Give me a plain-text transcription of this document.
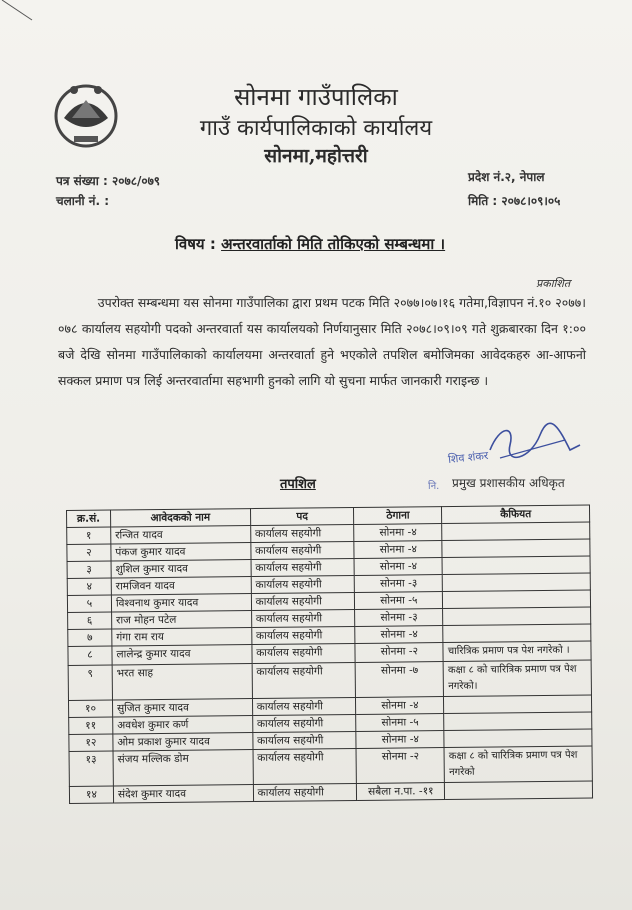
सोनमा गाउँपालिका
गाउँ कार्यपालिकाको कार्यालय
सोनमा,महोत्तरी
पत्र संख्या : २०७८/०७९
चलानी नं. :
प्रदेश नं.२, नेपाल
मिति : २०७८।०९।०५
विषय : अन्तरवार्ताको मिति तोकिएको सम्बन्धमा ।
प्रकाशित
उपरोक्त सम्बन्धमा यस सोनमा गाउँपालिका द्वारा प्रथम पटक मिति २०७७।०७।१६ गतेमा,विज्ञापन नं.१० २०७७।०७८ कार्यालय सहयोगी पदको अन्तरवार्ता यस कार्यालयको निर्णयानुसार मिति २०७८।०९।०९ गते शुक्रबारका दिन १:०० बजे देखि सोनमा गाउँपालिकाको कार्यालयमा अन्तरवार्ता हुने भएकोले तपशिल बमोजिमका आवेदकहरु आ-आफनो सक्कल प्रमाण पत्र लिई अन्तरवार्तामा सहभागी हुनको लागि यो सुचना मार्फत जानकारी गराइन्छ ।
शिव शंकर
नि. प्रमुख प्रशासकीय अधिकृत
तपशिल
क्र.सं.	आवेदकको नाम	पद	ठेगाना	कैफियत
१	रन्जित यादव	कार्यालय सहयोगी	सोनमा -४	
२	पंकज कुमार यादव	कार्यालय सहयोगी	सोनमा -४	
३	शुशिल कुमार यादव	कार्यालय सहयोगी	सोनमा -४	
४	रामजिवन यादव	कार्यालय सहयोगी	सोनमा -३	
५	विश्वनाथ कुमार यादव	कार्यालय सहयोगी	सोनमा -५	
६	राज मोहन पटेल	कार्यालय सहयोगी	सोनमा -३	
७	गंगा राम राय	कार्यालय सहयोगी	सोनमा -४	
८	लालेन्द्र कुमार यादव	कार्यालय सहयोगी	सोनमा -२	चारित्रिक प्रमाण पत्र पेश नगरेको ।
९	भरत साह	कार्यालय सहयोगी	सोनमा -७	कक्षा ८ को चारित्रिक प्रमाण पत्र पेश नगरेको।
१०	सुजित कुमार यादव	कार्यालय सहयोगी	सोनमा -४	
११	अवधेश कुमार कर्ण	कार्यालय सहयोगी	सोनमा -५	
१२	ओम प्रकाश कुमार यादव	कार्यालय सहयोगी	सोनमा -४	
१३	संजय मल्लिक डोम	कार्यालय सहयोगी	सोनमा -२	कक्षा ८ को चारित्रिक प्रमाण पत्र पेश नगरेको
१४	संदेश कुमार यादव	कार्यालय सहयोगी	सबैला न.पा. -११	
